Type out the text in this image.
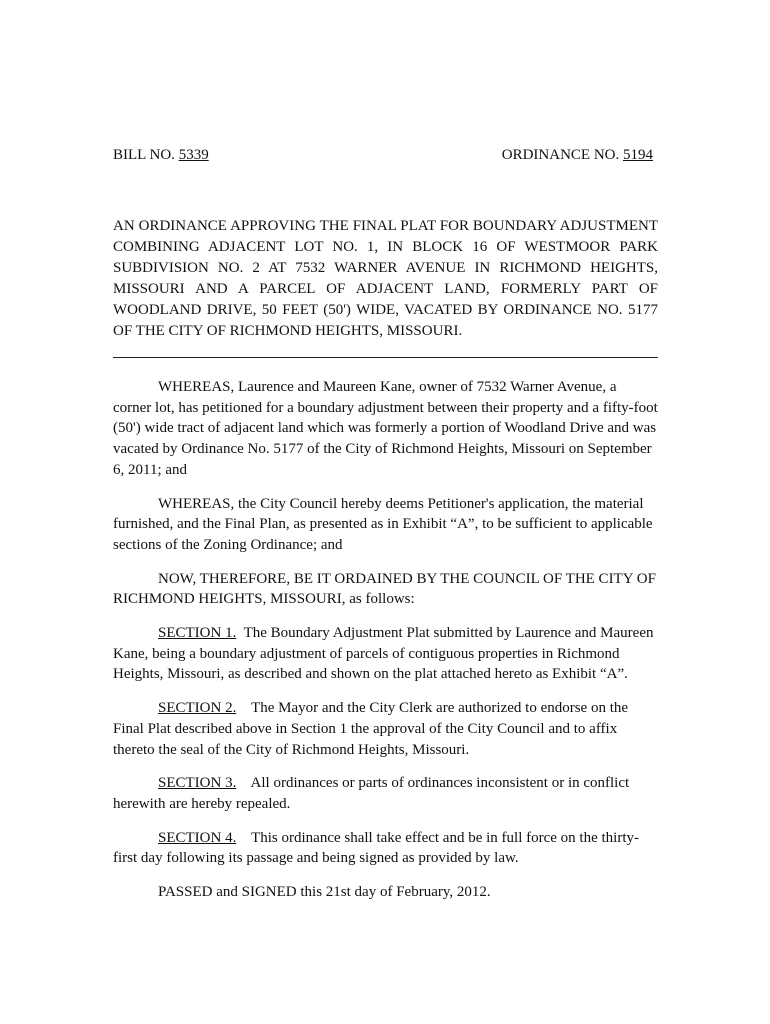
BILL NO. 5339	ORDINANCE NO. 5194

AN ORDINANCE APPROVING THE FINAL PLAT FOR BOUNDARY ADJUSTMENT COMBINING ADJACENT LOT NO. 1, IN BLOCK 16 OF WESTMOOR PARK SUBDIVISION NO. 2 AT 7532 WARNER AVENUE IN RICHMOND HEIGHTS, MISSOURI AND A PARCEL OF ADJACENT LAND, FORMERLY PART OF WOODLAND DRIVE, 50 FEET (50') WIDE, VACATED BY ORDINANCE NO. 5177 OF THE CITY OF RICHMOND HEIGHTS, MISSOURI.

WHEREAS, Laurence and Maureen Kane, owner of 7532 Warner Avenue, a corner lot, has petitioned for a boundary adjustment between their property and a fifty-foot (50') wide tract of adjacent land which was formerly a portion of Woodland Drive and was vacated by Ordinance No. 5177 of the City of Richmond Heights, Missouri on September 6, 2011; and

WHEREAS, the City Council hereby deems Petitioner's application, the material furnished, and the Final Plan, as presented as in Exhibit “A”, to be sufficient to applicable sections of the Zoning Ordinance; and

NOW, THEREFORE, BE IT ORDAINED BY THE COUNCIL OF THE CITY OF RICHMOND HEIGHTS, MISSOURI, as follows:

SECTION 1. The Boundary Adjustment Plat submitted by Laurence and Maureen Kane, being a boundary adjustment of parcels of contiguous properties in Richmond Heights, Missouri, as described and shown on the plat attached hereto as Exhibit “A”.

SECTION 2. The Mayor and the City Clerk are authorized to endorse on the Final Plat described above in Section 1 the approval of the City Council and to affix thereto the seal of the City of Richmond Heights, Missouri.

SECTION 3. All ordinances or parts of ordinances inconsistent or in conflict herewith are hereby repealed.

SECTION 4. This ordinance shall take effect and be in full force on the thirty-first day following its passage and being signed as provided by law.

PASSED and SIGNED this 21st day of February, 2012.
